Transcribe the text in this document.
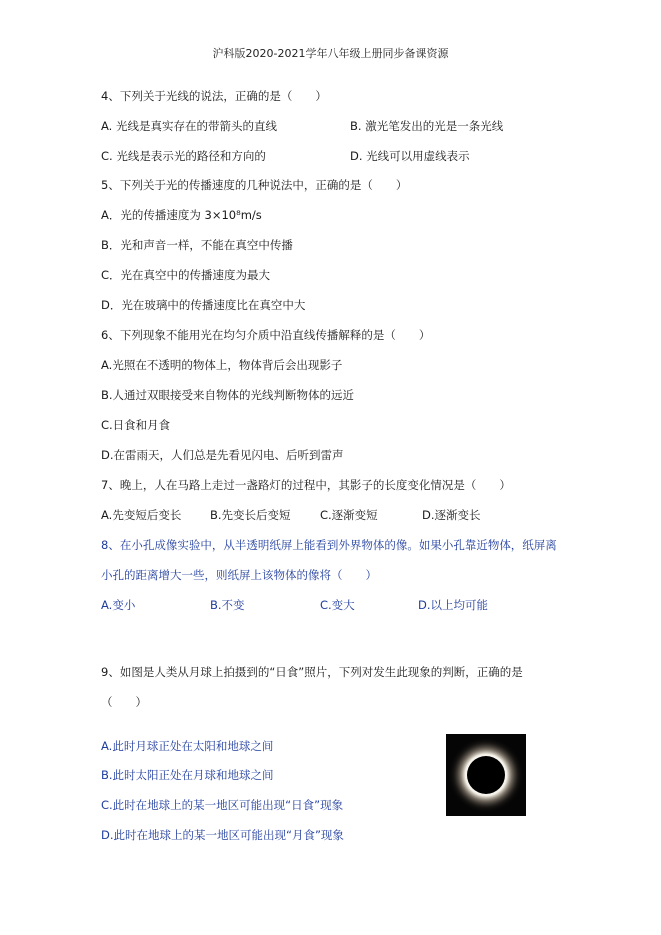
沪科版2020-2021学年八年级上册同步备课资源
4、下列关于光线的说法，正确的是（　　）
A. 光线是真实存在的带箭头的直线	B. 激光笔发出的光是一条光线
C. 光线是表示光的路径和方向的	D. 光线可以用虚线表示
5、下列关于光的传播速度的几种说法中，正确的是（　　）
A．光的传播速度为 3×10⁸m/s
B．光和声音一样，不能在真空中传播
C．光在真空中的传播速度为最大
D．光在玻璃中的传播速度比在真空中大
6、下列现象不能用光在均匀介质中沿直线传播解释的是（　　）
A.光照在不透明的物体上，物体背后会出现影子
B.人通过双眼接受来自物体的光线判断物体的远近
C.日食和月食
D.在雷雨天，人们总是先看见闪电、后听到雷声
7、晚上，人在马路上走过一盏路灯的过程中，其影子的长度变化情况是（　　）
A.先变短后变长 B.先变长后变短	C.逐渐变短	D.逐渐变长
8、在小孔成像实验中，从半透明纸屏上能看到外界物体的像。如果小孔靠近物体，纸屏离
小孔的距离增大一些，则纸屏上该物体的像将（　　）
A.变小	B.不变	C.变大	D.以上均可能
9、如图是人类从月球上拍摄到的“日食”照片，下列对发生此现象的判断，正确的是
（　　）
A.此时月球正处在太阳和地球之间
B.此时太阳正处在月球和地球之间
C.此时在地球上的某一地区可能出现“日食”现象
D.此时在地球上的某一地区可能出现“月食”现象
